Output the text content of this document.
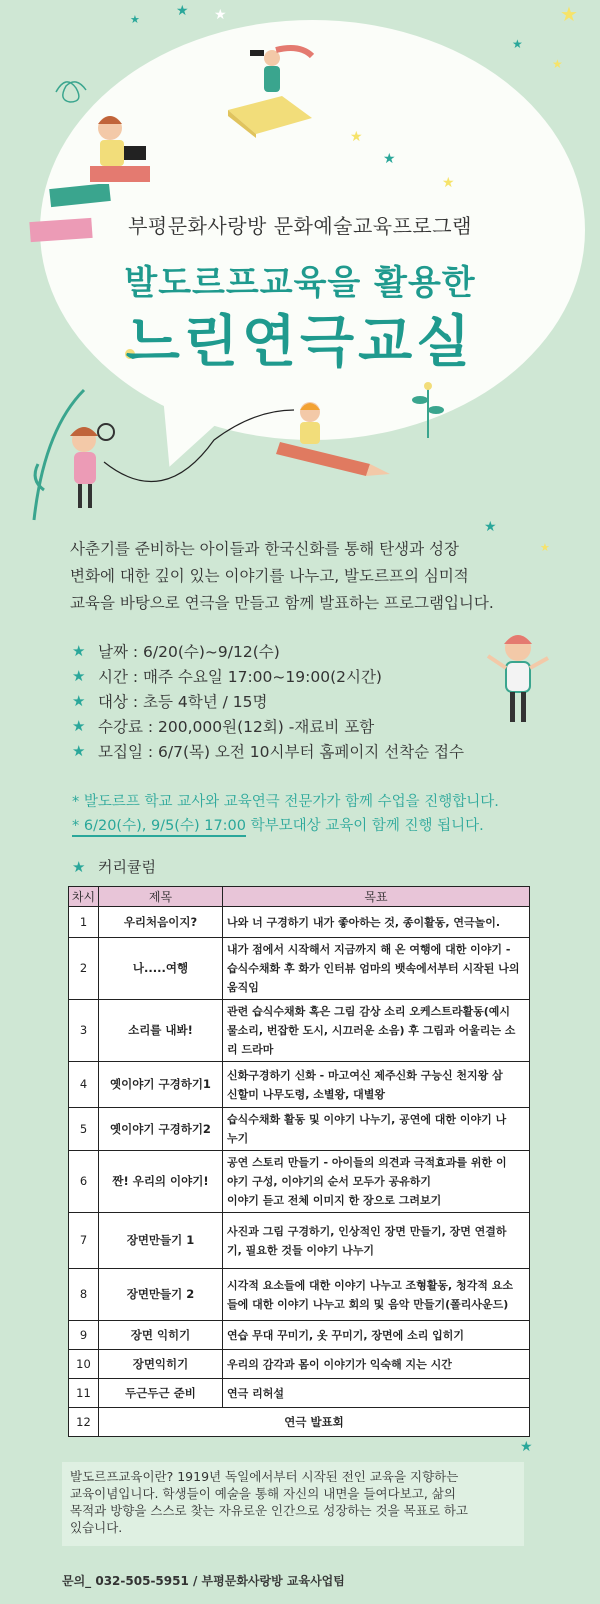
★ ★
★	★
★
★
★
★
★
★
★
★
부평문화사랑방 문화예술교육프로그램
발도르프교육을 활용한
느린연극교실
사춘기를 준비하는 아이들과 한국신화를 통해 탄생과 성장
변화에 대한 깊이 있는 이야기를 나누고, 발도르프의 심미적
교육을 바탕으로 연극을 만들고 함께 발표하는 프로그램입니다.
★ 날짜 : 6/20(수)~9/12(수)
★ 시간 : 매주 수요일 17:00~19:00(2시간)
★ 대상 : 초등 4학년 / 15명
★ 수강료 : 200,000원(12회) -재료비 포함
★ 모집일 : 6/7(목) 오전 10시부터 홈페이지 선착순 접수
* 발도르프 학교 교사와 교육연극 전문가가 함께 수업을 진행합니다.
* 6/20(수), 9/5(수) 17:00 학부모대상 교육이 함께 진행 됩니다.
★ 커리큘럼
차시	제목	목표
1	우리처음이지?	나와 너 구경하기 내가 좋아하는 것, 종이활동, 연극놀이.

2	나.....여행	내가 점에서 시작해서 지금까지 해 온 여행에 대한 이야기 -
습식수채화 후 화가 인터뷰 엄마의 뱃속에서부터 시작된 나의
움직임

3	소리를 내봐!	관련 습식수채화 혹은 그림 감상 소리 오케스트라활동(예시
물소리, 번잡한 도시, 시끄러운 소음) 후 그림과 어울리는 소
리 드라마

4	옛이야기 구경하기1	신화구경하기 신화 - 마고여신 제주신화 구능신 천지왕 삼
신할미 나무도령, 소별왕, 대별왕

5	옛이야기 구경하기2	습식수채화 활동 및 이야기 나누기, 공연에 대한 이야기 나
누기

6	짠! 우리의 이야기!	공연 스토리 만들기 - 아이들의 의견과 극적효과를 위한 이
야기 구성, 이야기의 순서 모두가 공유하기
이야기 듣고 전체 이미지 한 장으로 그려보기

7	장면만들기 1	사진과 그림 구경하기, 인상적인 장면 만들기, 장면 연결하
기, 필요한 것들 이야기 나누기

8	장면만들기 2	시각적 요소들에 대한 이야기 나누고 조형활동, 청각적 요소
들에 대한 이야기 나누고 회의 및 음악 만들기(폴리사운드)

9	장면 익히기	연습 무대 꾸미기, 옷 꾸미기, 장면에 소리 입히기

10	장면익히기	우리의 감각과 몸이 이야기가 익숙해 지는 시간

11	두근두근 준비	연극 리허설

12	연극 발표회	
발도르프교육이란? 1919년 독일에서부터 시작된 전인 교육을 지향하는
교육이념입니다. 학생들이 예술을 통해 자신의 내면을 들여다보고, 삶의
목적과 방향을 스스로 찾는 자유로운 인간으로 성장하는 것을 목표로 하고
있습니다.
문의_ 032-505-5951 / 부평문화사랑방 교육사업팀
